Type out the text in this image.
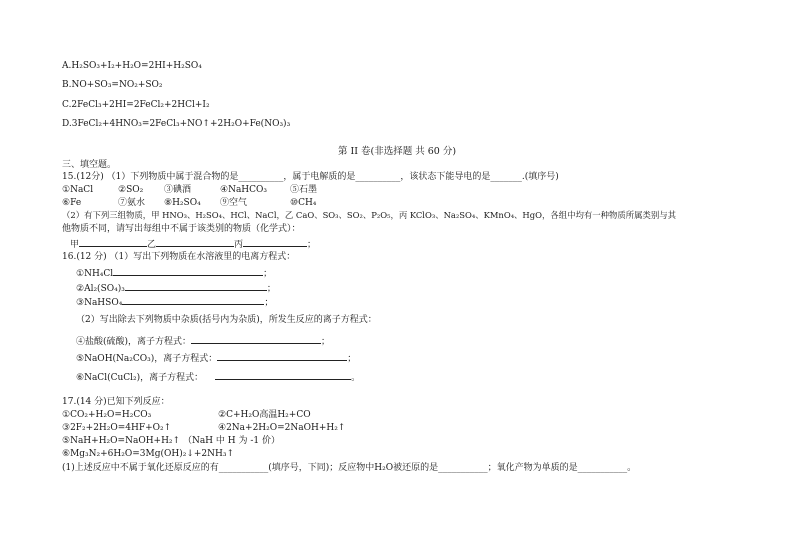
A.H₂SO₃+I₂+H₂O=2HI+H₂SO₄
B.NO+SO₃=NO₂+SO₂
C.2FeCl₃+2HI=2FeCl₂+2HCl+I₂
D.3FeCl₂+4HNO₃=2FeCl₃+NO↑+2H₂O+Fe(NO₃)₃
第 II 卷(非选择题 共 60 分)
三、填空题。
15.(12分) （1）下列物质中属于混合物的是__________，属于电解质的是__________，该状态下能导电的是_______.(填序号)
①NaCl	②SO₂ ③碘酒	④NaHCO₃	⑤石墨
⑥Fe	⑦氨水 ⑧H₂SO₄ ⑨空气	⑩CH₄
（2）有下列三组物质，甲 HNO₃、H₂SO₄、HCl、NaCl，乙 CaO、SO₃、SO₂、P₂O₅，丙 KClO₃、Na₂SO₄、KMnO₄、HgO，各组中均有一种物质所属类别与其
他物质不同，请写出每组中不属于该类别的物质（化学式）：
甲	乙	丙	；
16.(12 分) （1）写出下列物质在水溶液里的电离方程式：
①NH₄Cl	；
②Al₂(SO₄)₃	；
③NaHSO₄	；
（2）写出除去下列物质中杂质(括号内为杂质)，所发生反应的离子方程式：
④盐酸(硫酸)，离子方程式：	；
⑤NaOH(Na₂CO₃)，离子方程式：	；
⑥NaCl(CuCl₂)，离子方程式：	。
17.(14 分)已知下列反应：
①CO₂+H₂O=H₂CO₃	②C+H₂O高温H₂+CO
③2F₂+2H₂O=4HF+O₂↑	④2Na+2H₂O=2NaOH+H₂↑
⑤NaH+H₂O=NaOH+H₂↑ （NaH 中 H 为 -1 价）
⑥Mg₃N₂+6H₂O=3Mg(OH)₂↓+2NH₃↑
(1)上述反应中不属于氧化还原反应的有___________(填序号，下同)；反应物中H₂O被还原的是___________；氧化产物为单质的是___________。
